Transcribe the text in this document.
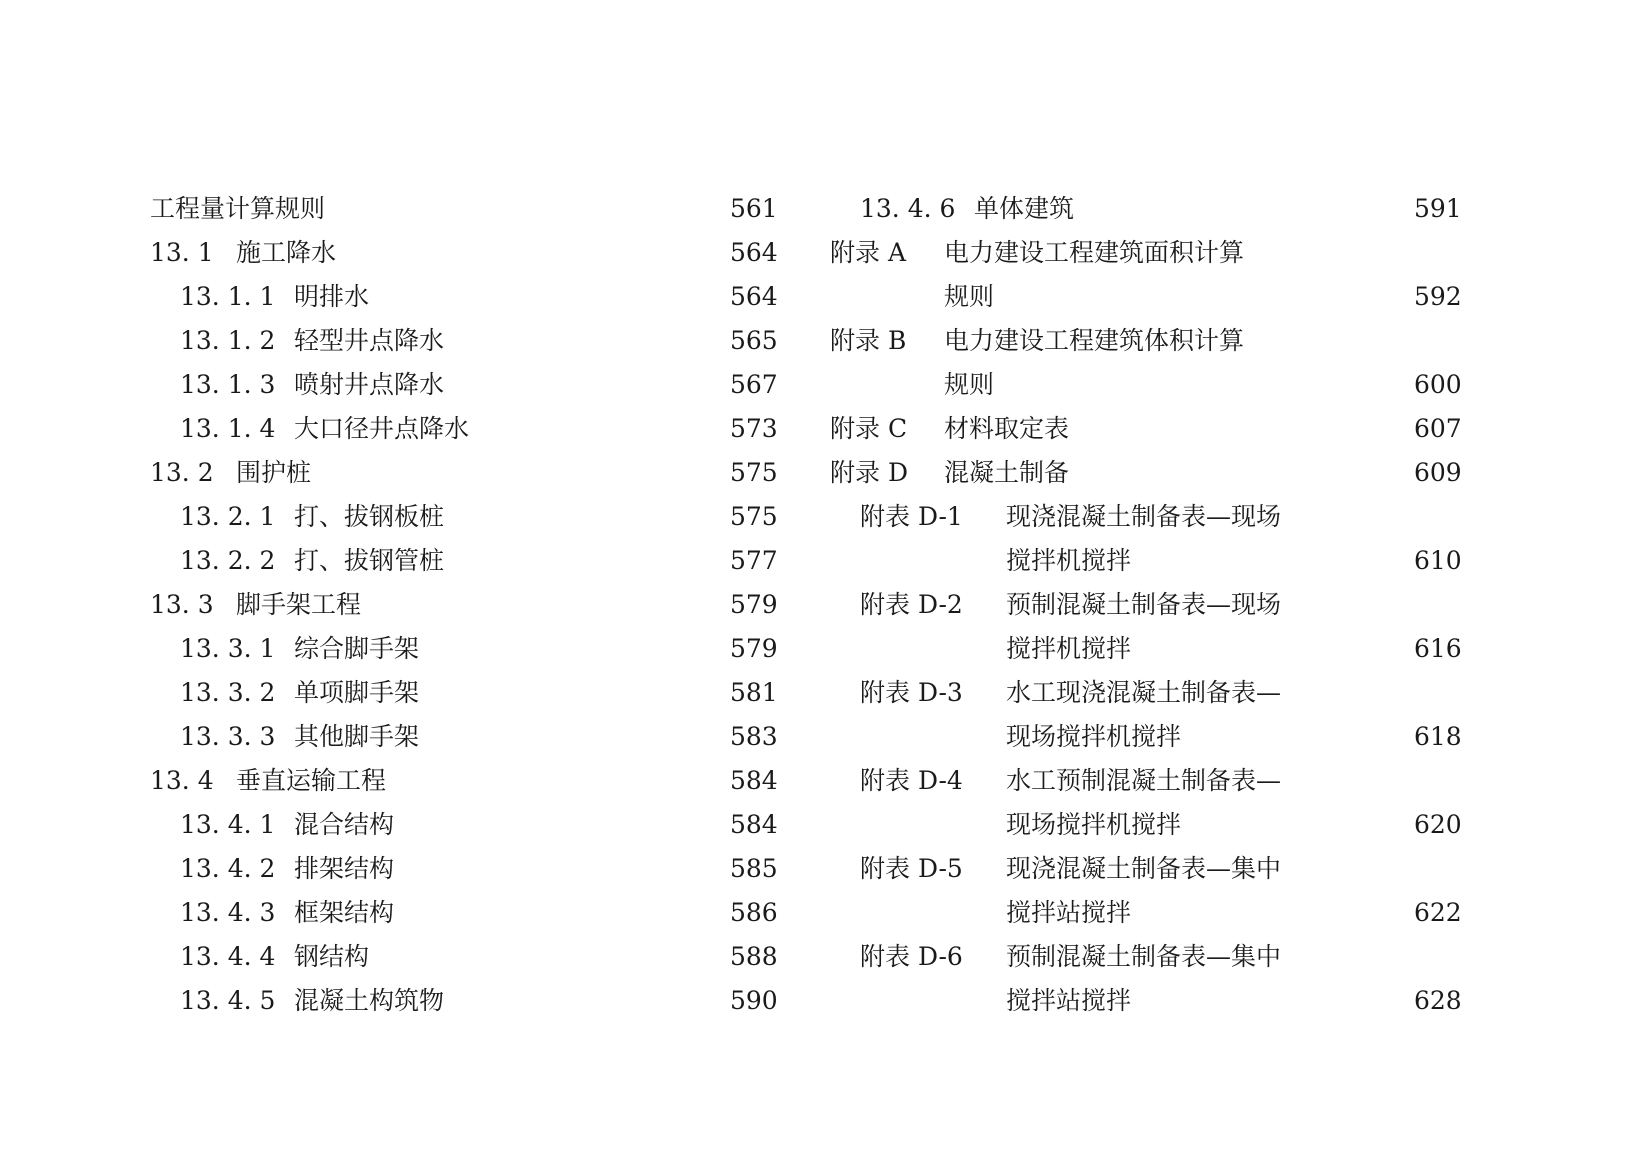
工程量计算规则	561
13. 1 施工降水	564
13. 1. 1 明排水	564
13. 1. 2 轻型井点降水	565
13. 1. 3 喷射井点降水	567
13. 1. 4 大口径井点降水	573
13. 2 围护桩	575
13. 2. 1 打、拔钢板桩	575
13. 2. 2 打、拔钢管桩	577
13. 3 脚手架工程	579
13. 3. 1 综合脚手架	579
13. 3. 2 单项脚手架	581
13. 3. 3 其他脚手架	583
13. 4 垂直运输工程	584
13. 4. 1 混合结构	584
13. 4. 2 排架结构	585
13. 4. 3 框架结构	586
13. 4. 4 钢结构	588
13. 4. 5 混凝土构筑物	590
13. 4. 6 单体建筑	591
附录 A	电力建设工程建筑面积计算
规则	592
附录 B	电力建设工程建筑体积计算
规则	600
附录 C	材料取定表	607
附录 D	混凝土制备	609
附表 D-1	现浇混凝土制备表—现场
搅拌机搅拌	610
附表 D-2	预制混凝土制备表—现场
搅拌机搅拌	616
附表 D-3	水工现浇混凝土制备表—
现场搅拌机搅拌	618
附表 D-4	水工预制混凝土制备表—
现场搅拌机搅拌	620
附表 D-5	现浇混凝土制备表—集中
搅拌站搅拌	622
附表 D-6	预制混凝土制备表—集中
搅拌站搅拌	628
